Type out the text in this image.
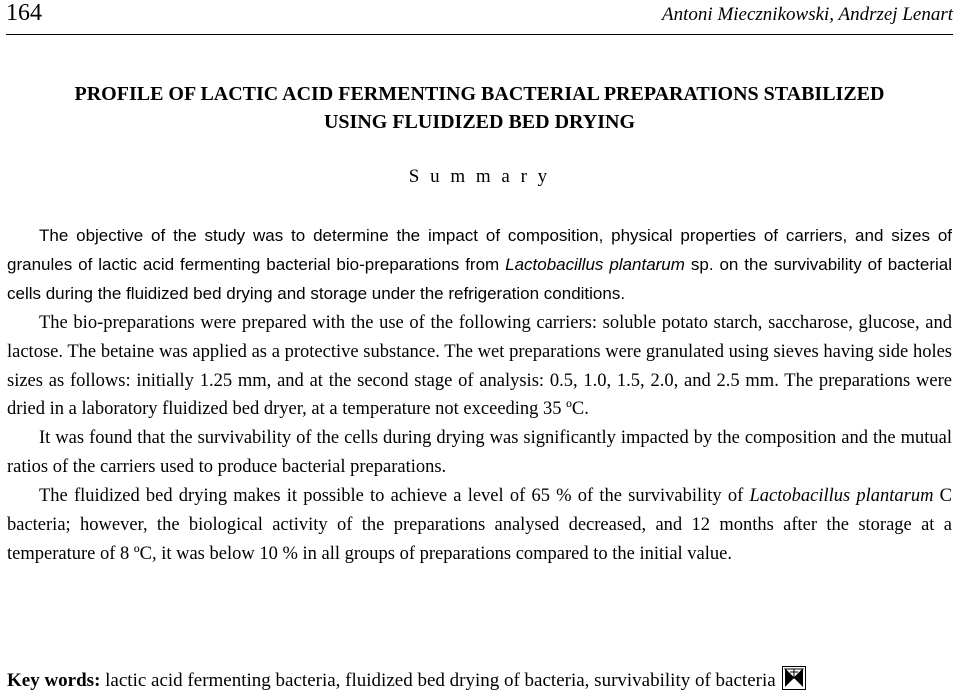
164	Antoni Miecznikowski, Andrzej Lenart
PROFILE OF LACTIC ACID FERMENTING BACTERIAL PREPARATIONS STABILIZED
USING FLUIDIZED BED DRYING
S u m m a r y

The objective of the study was to determine the impact of composition, physical properties of carriers, and sizes of granules of lactic acid fermenting bacterial bio-preparations from Lactobacillus plantarum sp. on the survivability of bacterial cells during the fluidized bed drying and storage under the refrigeration conditions.

The bio-preparations were prepared with the use of the following carriers: soluble potato starch, saccharose, glucose, and lactose. The betaine was applied as a protective substance. The wet preparations were granulated using sieves having side holes sizes as follows: initially 1.25 mm, and at the second stage of analysis: 0.5, 1.0, 1.5, 2.0, and 2.5 mm. The preparations were dried in a laboratory fluidized bed dryer, at a temperature not exceeding 35 ºC.

It was found that the survivability of the cells during drying was significantly impacted by the composition and the mutual ratios of the carriers used to produce bacterial preparations.

The fluidized bed drying makes it possible to achieve a level of 65 % of the survivability of Lactobacillus plantarum C bacteria; however, the biological activity of the preparations analysed decreased, and 12 months after the storage at a temperature of 8 ºC, it was below 10 % in all groups of preparations compared to the initial value.

Key words: lactic acid fermenting bacteria, fluidized bed drying of bacteria, survivability of bacteria
